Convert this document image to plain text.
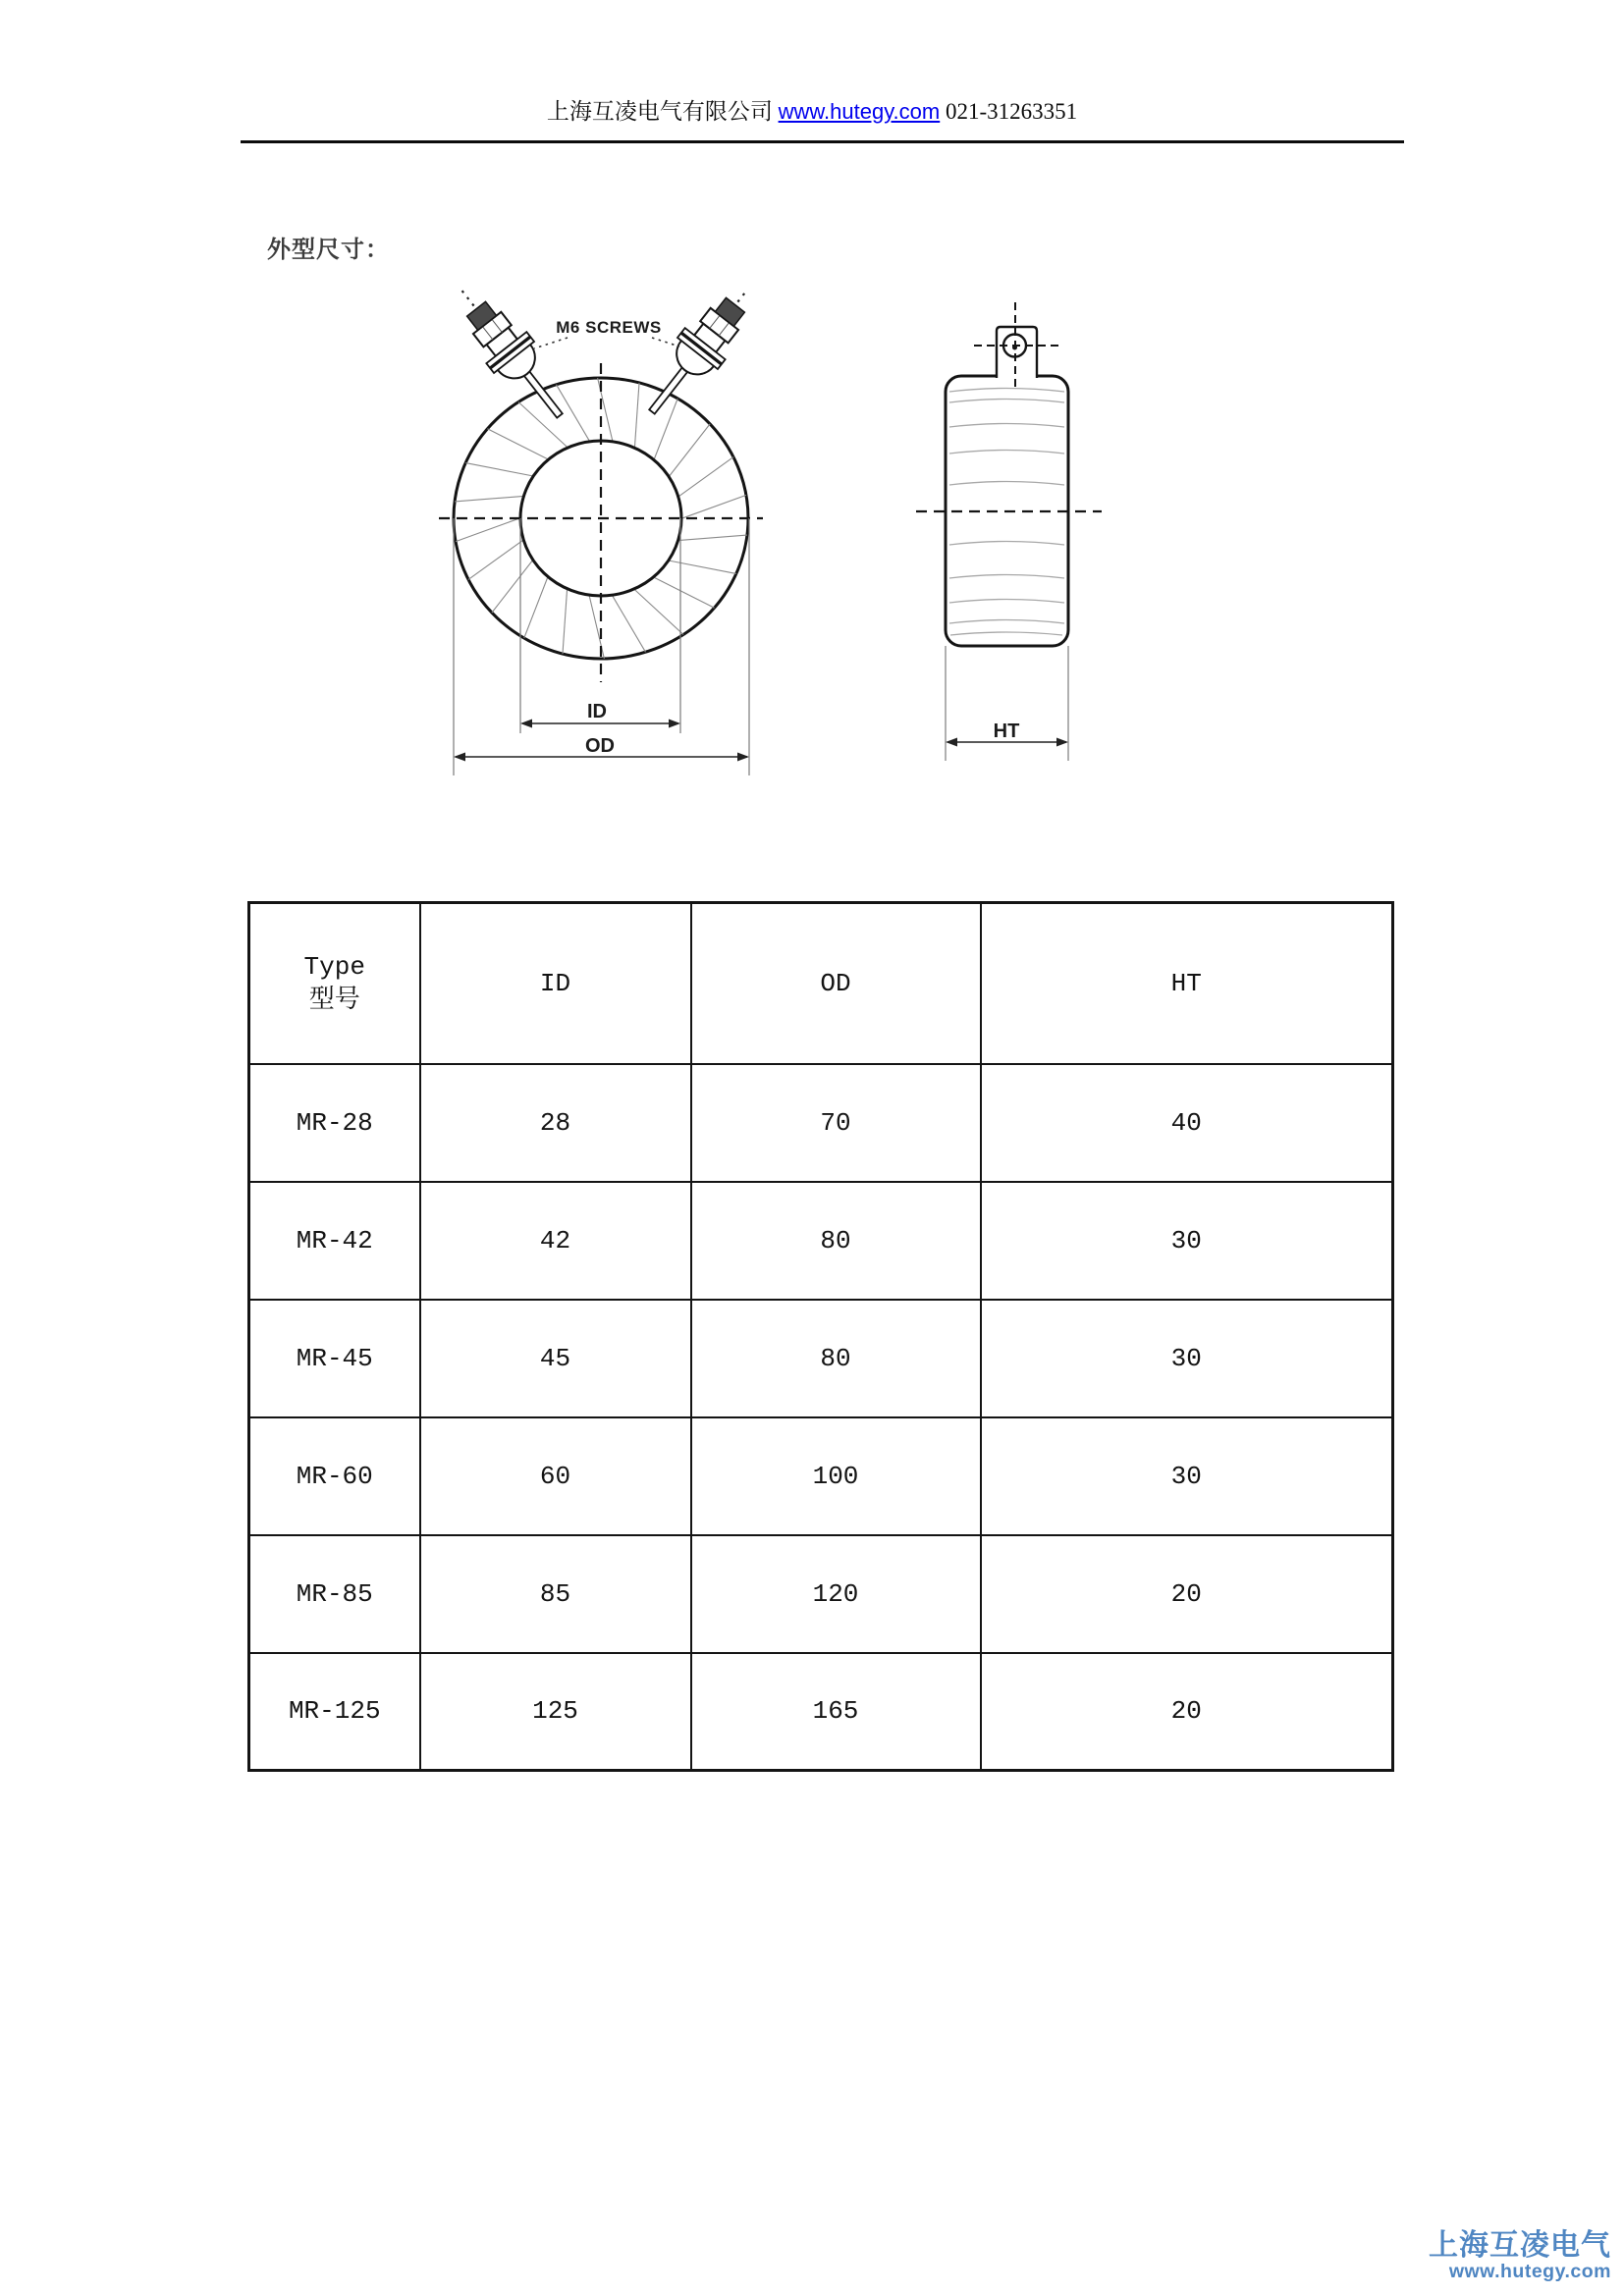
上海互凌电气有限公司 www.hutegy.com 021-31263351
外型尺寸：
M6 SCREWS
ID
OD
HT
Type
型号	ID	OD	HT
MR-28	28	70	40
MR-42	42	80	30
MR-45	45	80	30
MR-60	60	100	30
MR-85	85	120	20
MR-125	125	165	20
上海互凌电气
www.hutegy.com
